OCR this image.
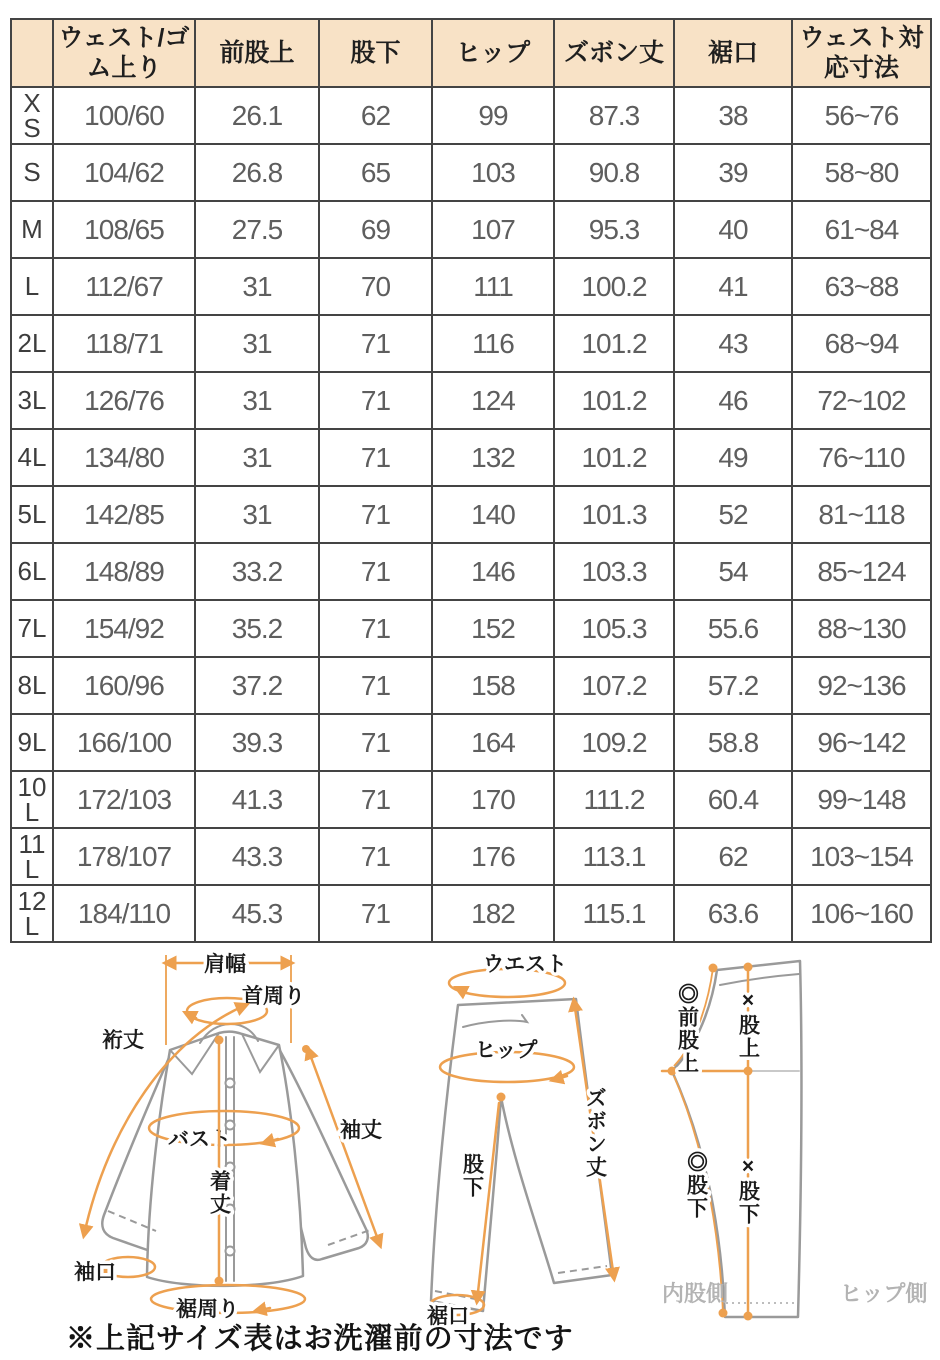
	ウェスト/ゴム上り	前股上	股下	ヒップ	ズボン丈	裾口	ウェスト対応寸法
XS	100/60	26.1	62	99	87.3	38	56~76
S	104/62	26.8	65	103	90.8	39	58~80
M	108/65	27.5	69	107	95.3	40	61~84
L	112/67	31	70	111	100.2	41	63~88
2L	118/71	31	71	116	101.2	43	68~94
3L	126/76	31	71	124	101.2	46	72~102
4L	134/80	31	71	132	101.2	49	76~110
5L	142/85	31	71	140	101.3	52	81~118
6L	148/89	33.2	71	146	103.3	54	85~124
7L	154/92	35.2	71	152	105.3	55.6	88~130
8L	160/96	37.2	71	158	107.2	57.2	92~136
9L	166/100	39.3	71	164	109.2	58.8	96~142
10L	172/103	41.3	71	170	111.2	60.4	99~148
11L	178/107	43.3	71	176	113.1	62	103~154
12L	184/110	45.3	71	182	115.1	63.6	106~160
肩幅
首周り
裄丈
バスト	袖丈
着丈
袖口
裾周り
ウエスト
ヒップ
ズボン丈
股下
裾口
◎前股上 ×股上
◎股下 ×股下
内股側	ヒップ側
※上記サイズ表はお洗濯前の寸法です
